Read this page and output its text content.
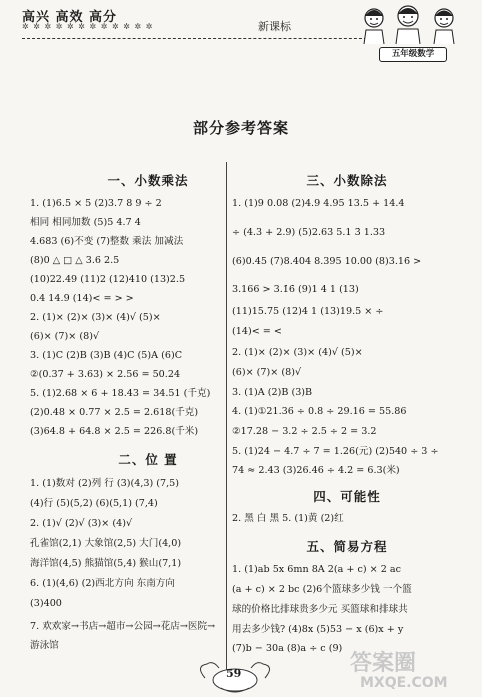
高兴 高效 高分
✲ ✲ ✲ ✲ ✲ ✲ ✲ ✲ ✲ ✲ ✲ ✲	新课标
五年级数学
部分参考答案
一、小数乘法
1. (1)6.5 × 5 (2)3.7 8 9 ÷ 2
相同 相同加数 (5)5 4.7 4
4.683 (6)不变 (7)整数 乘法 加减法
(8)0 △ □ △ 3.6 2.5
(10)22.49 (11)2 (12)410 (13)2.5
0.4 14.9 (14)< = > >
2. (1)× (2)× (3)× (4)√ (5)×
(6)× (7)× (8)√
3. (1)C (2)B (3)B (4)C (5)A (6)C
②(0.37 + 3.63) × 2.56 = 50.24
5. (1)2.68 × 6 + 18.43 = 34.51 (千克)
(2)0.48 × 0.77 × 2.5 = 2.618(千克)
(3)64.8 + 64.8 × 2.5 = 226.8(千米)
二、位 置
1. (1)数对 (2)列 行 (3)(4,3) (7,5)
(4)行 (5)(5,2) (6)(5,1) (7,4)
2. (1)√ (2)√ (3)× (4)√
孔雀馆(2,1) 大象馆(2,5) 大门(4,0)
海洋馆(4,5) 熊猫馆(5,4) 猴山(7,1)
6. (1)(4,6) (2)西北方向 东南方向
(3)400
7. 欢欢家→书店→超市→公园→花店→医院→
游泳馆
三、小数除法
1. (1)9 0.08 (2)4.9 4.95 13.5 + 14.4
÷ (4.3 + 2.9) (5)2.63 5.1 3̇ 1.33
(6)0.45 (7)8.404 8.395 10.00 (8)3.16̇ >
3.166 > 3.1̇6̇ (9)1 4 1 (13)
(11)15.75 (12)4 1 (13)19.5 × ÷
(14)< = <
2. (1)× (2)× (3)× (4)√ (5)×
(6)× (7)× (8)√
3. (1)A (2)B (3)B
4. (1)①21.36 ÷ 0.8 ÷ 29.16 = 55.86
②17.28 − 3.2 ÷ 2.5 ÷ 2 = 3.2
5. (1)24 − 4.7 ÷ 7 = 1.26(元) (2)540 ÷ 3 ÷
74 ≈ 2.43 (3)26.46 ÷ 4.2 = 6.3(米)
四、可能性
2. 黑 白 黑 5. (1)黄 (2)红
五、简易方程
1. (1)ab 5x 6mn 8A 2(a + c) × 2 ac
(a + c) × 2 bc (2)6个篮球多少钱 一个篮
球的价格比排球贵多少元 买篮球和排球共
用去多少钱? (4)8x (5)53 − x (6)x + y
(7)b − 30a (8)a ÷ c (9)
59	答案圈
MXQE.COM
